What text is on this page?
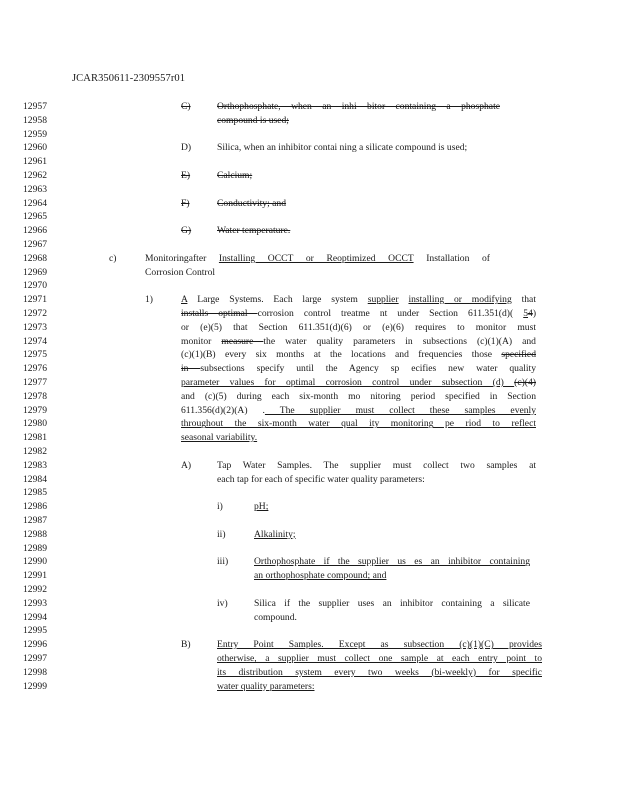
JCAR350611-2309557r01
12957
12958
12959
12960
12961
12962
12963
12964
12965
12966
12967
12968
12969
12970
12971
12972
12973
12974
12975
12976
12977
12978
12979
12980
12981
12982
12983
12984
12985
12986
12987
12988
12989
12990
12991
12992
12993
12994
12995
12996
12997
12998
12999
C)	Orthophosphate, when an inhi bitor containing a phosphate
compound is used;
D)	Silica, when an inhibitor contai ning a silicate compound is used;
E)	Calcium;
F)	Conductivity; and
G)	Water temperature.
c)	Monitoringafter Installing OCCT or Reoptimized OCCT Installation of
Corrosion Control
1)	A Large Systems. Each large system supplier installing or modifying that
installs optimal corrosion control treatme nt under Section 611.351(d)( 54)
or (e)(5) that Section 611.351(d)(6) or (e)(6) requires to monitor must
monitor measure the water quality parameters in subsections (c)(1)(A) and
(c)(1)(B) every six months at the locations and frequencies those specified
in subsections specify until the Agency sp ecifies new water quality
parameter values for optimal corrosion control under subsection (d) (c)(4)
and (c)(5) during each six-month mo nitoring period specified in Section
611.356(d)(2)(A) . The supplier must collect these samples evenly
throughout the six-month water qual ity monitoring pe riod to reflect
seasonal variability.
A)	Tap Water Samples. The supplier must collect two samples at
each tap for each of specific water quality parameters:
i)	pH;
ii)	Alkalinity;
iii)	Orthophosphate if the supplier us es an inhibitor containing
an orthophosphate compound; and
iv)	Silica if the supplier uses an inhibitor containing a silicate
compound.
B)	Entry Point Samples. Except as subsection (c)(1)(C) provides
otherwise, a supplier must collect one sample at each entry point to
its distribution system every two weeks (bi-weekly) for specific
water quality parameters:
